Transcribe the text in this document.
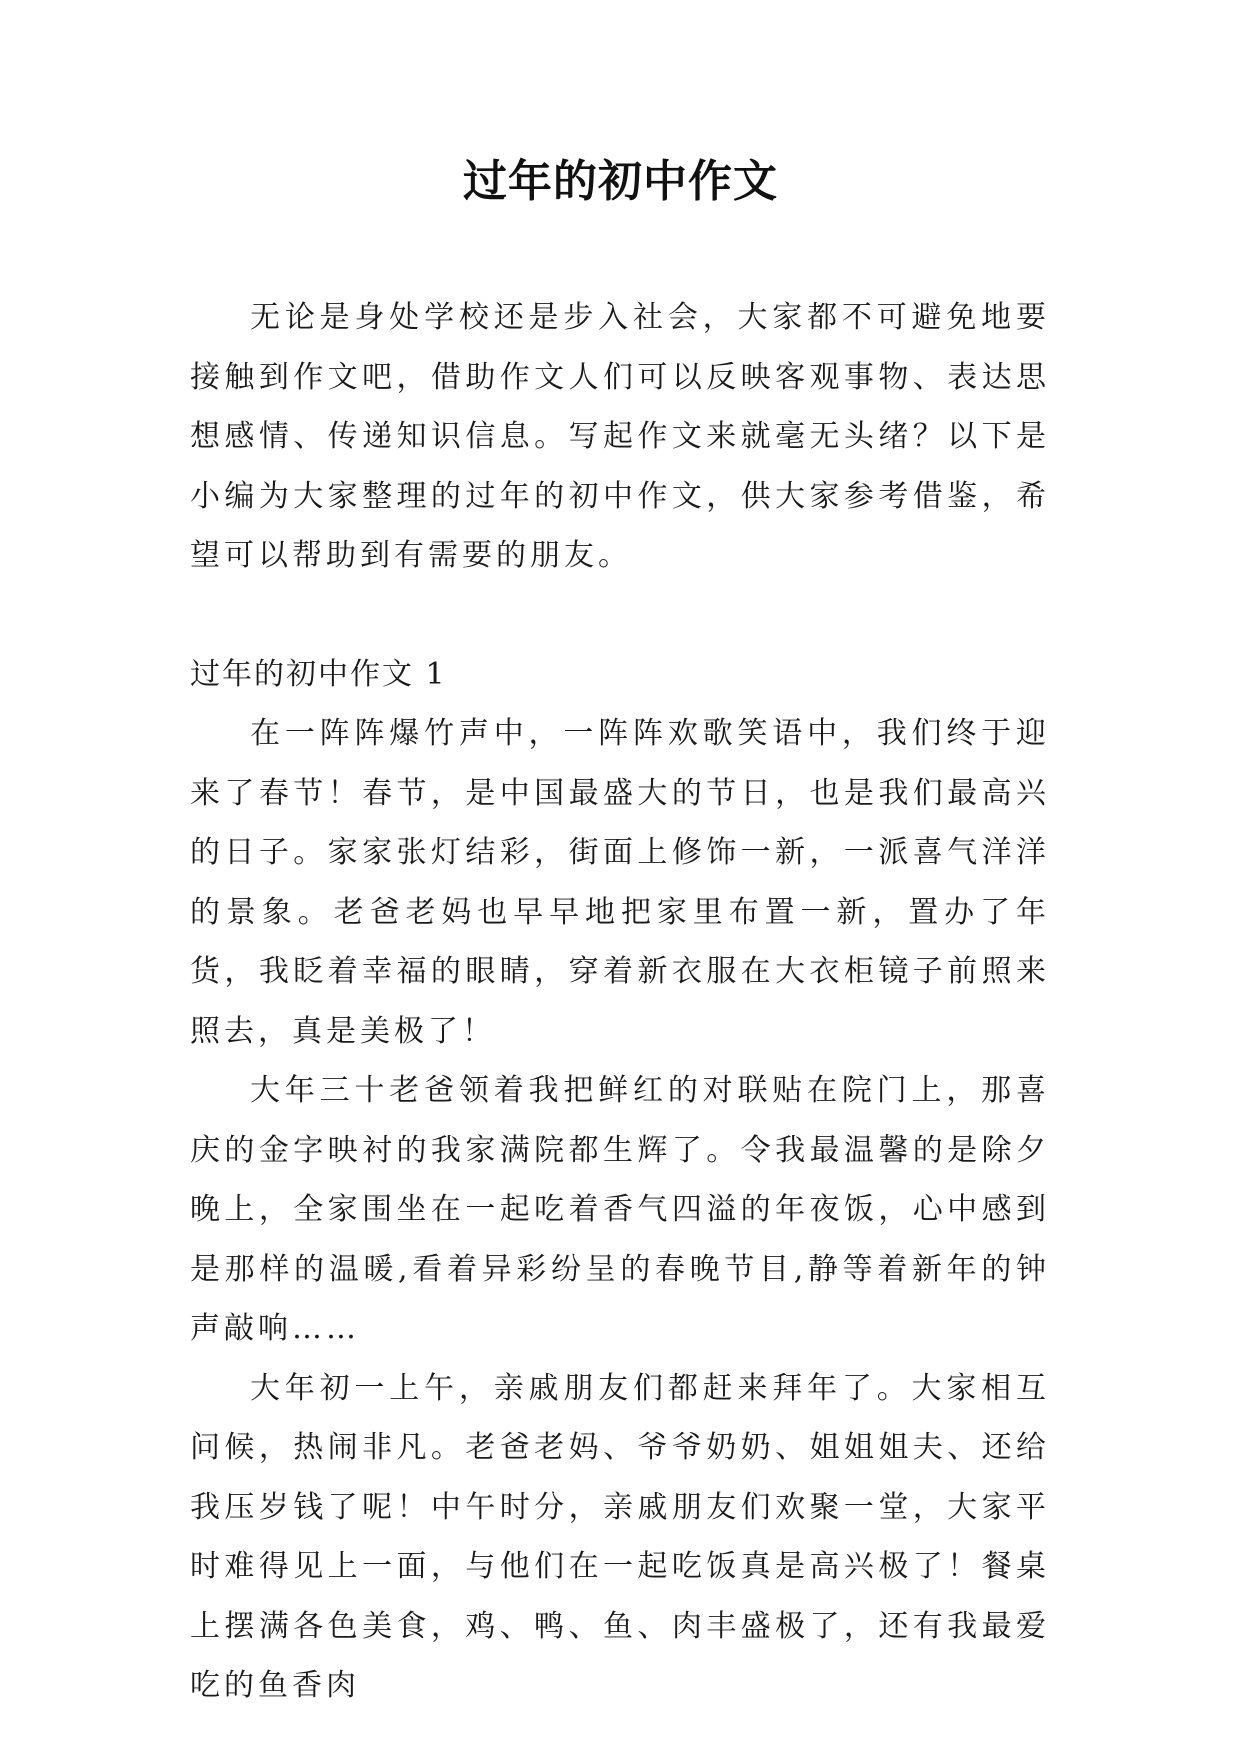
过年的初中作文

无论是身处学校还是步入社会，大家都不可避免地要接触到作文吧，借助作文人们可以反映客观事物、表达思想感情、传递知识信息。写起作文来就毫无头绪？以下是小编为大家整理的过年的初中作文，供大家参考借鉴，希望可以帮助到有需要的朋友。

过年的初中作文 1

在一阵阵爆竹声中，一阵阵欢歌笑语中，我们终于迎来了春节！春节，是中国最盛大的节日，也是我们最高兴的日子。家家张灯结彩，街面上修饰一新，一派喜气洋洋的景象。老爸老妈也早早地把家里布置一新，置办了年货，我眨着幸福的眼睛，穿着新衣服在大衣柜镜子前照来照去，真是美极了！

大年三十老爸领着我把鲜红的对联贴在院门上，那喜庆的金字映衬的我家满院都生辉了。令我最温馨的是除夕晚上，全家围坐在一起吃着香气四溢的年夜饭，心中感到是那样的温暖,看着异彩纷呈的春晚节目,静等着新年的钟声敲响……

大年初一上午，亲戚朋友们都赶来拜年了。大家相互问候，热闹非凡。老爸老妈、爷爷奶奶、姐姐姐夫、还给我压岁钱了呢！中午时分，亲戚朋友们欢聚一堂，大家平时难得见上一面，与他们在一起吃饭真是高兴极了！餐桌上摆满各色美食，鸡、鸭、鱼、肉丰盛极了，还有我最爱吃的鱼香肉
